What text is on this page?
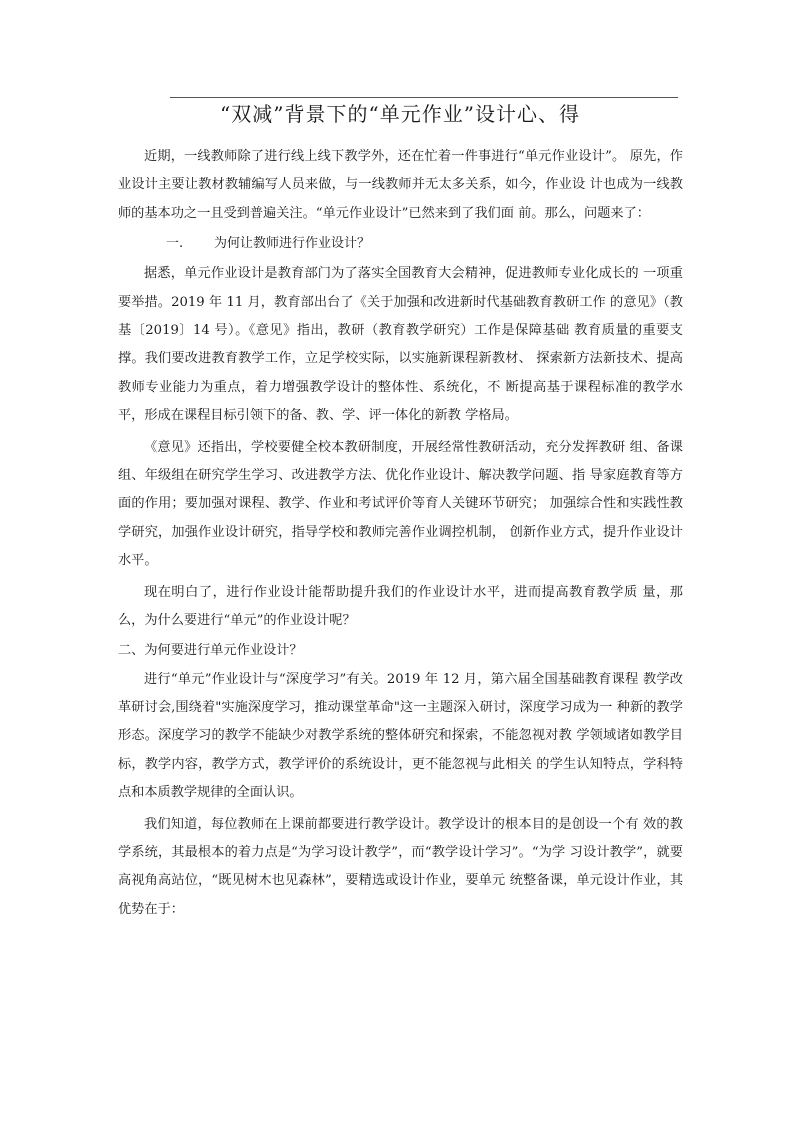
“双减”背景下的“单元作业”设计心、得

近期，一线教师除了进行线上线下教学外，还在忙着一件事进行“单元作业设计”。 原先，作业设计主要让教材教辅编写人员来做，与一线教师并无太多关系，如今，作业设 计也成为一线教师的基本功之一且受到普遍关注。“单元作业设计”已然来到了我们面 前。那么，问题来了：

一. 为何让教师进行作业设计？

据悉，单元作业设计是教育部门为了落实全国教育大会精神，促进教师专业化成长的 一项重要举措。2019 年 11 月，教育部出台了《关于加强和改进新时代基础教育教研工作 的意见》（教基〔2019〕14 号）。《意见》指出，教研（教育教学研究）工作是保障基础 教育质量的重要支撑。我们要改进教育教学工作，立足学校实际，以实施新课程新教材、 探索新方法新技术、提高教师专业能力为重点，着力增强教学设计的整体性、系统化，不 断提高基于课程标准的教学水平，形成在课程目标引领下的备、教、学、评一体化的新教 学格局。

《意见》还指出，学校要健全校本教研制度，开展经常性教研活动，充分发挥教研 组、备课组、年级组在研究学生学习、改进教学方法、优化作业设计、解决教学问题、指 导家庭教育等方面的作用；要加强对课程、教学、作业和考试评价等育人关键环节研究； 加强综合性和实践性教学研究，加强作业设计研究，指导学校和教师完善作业调控机制， 创新作业方式，提升作业设计水平。

现在明白了，进行作业设计能帮助提升我们的作业设计水平，进而提高教育教学质 量，那么，为什么要进行“单元”的作业设计呢？

二、为何要进行单元作业设计？

进行“单元”作业设计与“深度学习”有关。2019 年 12 月，第六届全国基础教育课程 教学改革研讨会,围绕着"实施深度学习，推动课堂革命"这一主题深入研讨，深度学习成为一 种新的教学形态。深度学习的教学不能缺少对教学系统的整体研究和探索，不能忽视对教 学领域诸如教学目标，教学内容，教学方式，教学评价的系统设计，更不能忽视与此相关 的学生认知特点，学科特点和本质教学规律的全面认识。

我们知道，每位教师在上课前都要进行教学设计。教学设计的根本目的是创设一个有 效的教学系统，其最根本的着力点是“为学习设计教学”，而“教学设计学习”。“为学 习设计教学”，就要高视角高站位，“既见树木也见森林”，要精选或设计作业，要单元 统整备课，单元设计作业，其优势在于：
